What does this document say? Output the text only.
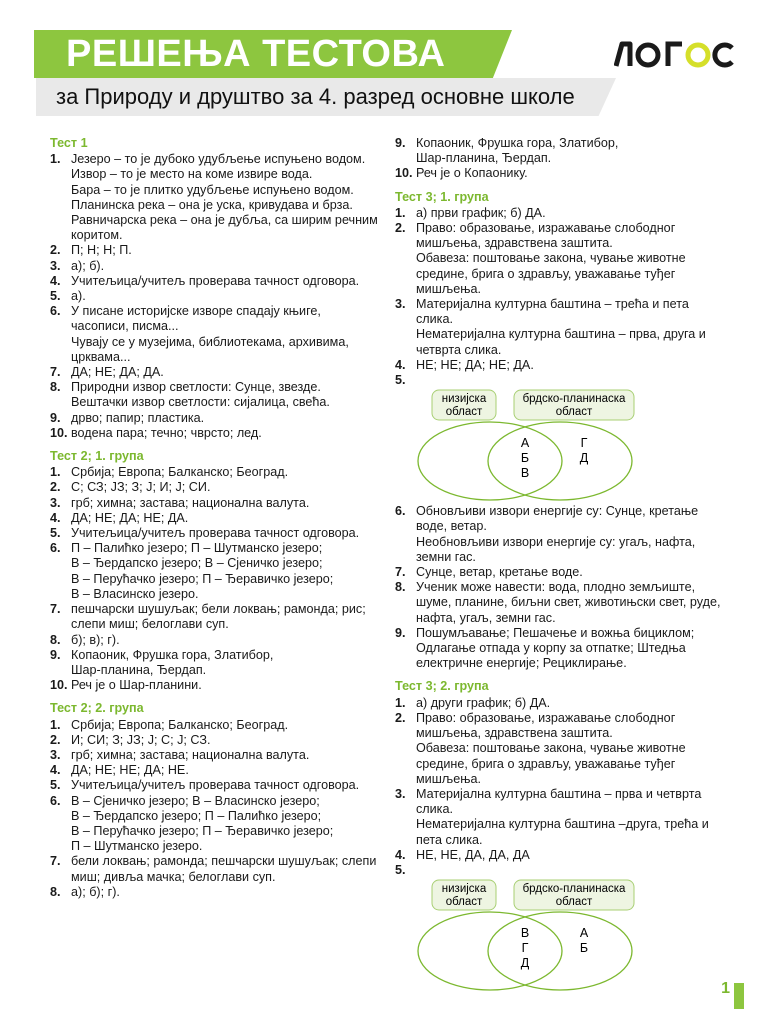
РЕШЕЊА ТЕСТОВА
за Природу и друштво за 4. разред основне школе
Тест 1
1. Језеро – то је дубоко удубљење испуњено водом.
Извор – то је место на коме извире вода.
Бара – то је плитко удубљење испуњено водом.
Планинска река – она је уска, кривудава и брза.
Равничарска река – она је дубља, са ширим речним коритом.
2. П; Н; Н; П.
3. а); б).
4. Учитељица/учитељ проверава тачност одговора.
5. а).
6. У писане историјске изворе спадају књиге, часописи, писма...
Чувају се у музејима, библиотекама, архивима, црквама...
7. ДА; НЕ; ДА; ДА.
8. Природни извор светлости: Сунце, звезде.
Вештачки извор светлости: сијалица, свећа.
9. дрво; папир; пластика.
10. водена пара; течно; чврсто; лед.
Тест 2; 1. група
1. Србија; Европа; Балканско; Београд.
2. С; СЗ; ЈЗ; З; Ј; И; Ј; СИ.
3. грб; химна; застава; национална валута.
4. ДА; НЕ; ДА; НЕ; ДА.
5. Учитељица/учитељ проверава тачност одговора.
6. П – Палићко језеро; П – Шутманско језеро;
В – Ђердапско језеро; В – Сјеничко језеро;
В – Перућачко језеро; П – Ђеравичко језеро;
В – Власинско језеро.
7. пешчарски шушуљак; бели локвањ; рамонда; рис; слепи миш; белоглави суп.
8. б); в); г).
9. Копаоник, Фрушка гора, Златибор,
Шар-планина, Ђердап.
10. Реч је о Шар-планини.
Тест 2; 2. група
1. Србија; Европа; Балканско; Београд.
2. И; СИ; З; ЈЗ; Ј; С; Ј; СЗ.
3. грб; химна; застава; национална валута.
4. ДА; НЕ; НЕ; ДА; НЕ.
5. Учитељица/учитељ проверава тачност одговора.
6. В – Сјеничко језеро; В – Власинско језеро;
В – Ђердапско језеро; П – Палићко језеро;
В – Перућачко језеро; П – Ђеравичко језеро;
П – Шутманско језеро.
7. бели локвањ; рамонда; пешчарски шушуљак; слепи миш; дивља мачка; белоглави суп.
8. а); б); г).
9. Копаоник, Фрушка гора, Златибор,
Шар-планина, Ђердап.
10. Реч је о Копаонику.
Тест 3; 1. група
1. а) први график; б) ДА.
2. Право: образовање, изражавање слободног мишљења, здравствена заштита.
Обавеза: поштовање закона, чување животне средине, брига о здрављу, уважавање туђег мишљења.
3. Материјална културна баштина – трећа и пета слика.
Нематеријална културна баштина – прва, друга и четврта слика.
4. НЕ; НЕ; ДА; НЕ; ДА.
5.
низијска
област
брдско-планинаска
област
А
Б
В
Г
Д
6. Обновљиви извори енергије су: Сунце, кретање воде, ветар.
Необновљиви извори енергије су: угаљ, нафта, земни гас.
7. Сунце, ветар, кретање воде.
8. Ученик може навести: вода, плодно земљиште, шуме, планине, биљни свет, животињски свет, руде, нафта, угаљ, земни гас.
9. Пошумљавање; Пешачење и вожња бициклом; Одлагање отпада у корпу за отпатке; Штедња електричне енергије; Рециклирање.
Тест 3; 2. група
1. а) други график; б) ДА.
2. Право: образовање, изражавање слободног мишљења, здравствена заштита.
Обавеза: поштовање закона, чување животне средине, брига о здрављу, уважавање туђег мишљења.
3. Материјална културна баштина – прва и четврта слика.
Нематеријална културна баштина –друга, трећа и пета слика.
4. НЕ, НЕ, ДА, ДА, ДА
5.
низијска
област
брдско-планинаска
област
В
Г
Д
А
Б
1
